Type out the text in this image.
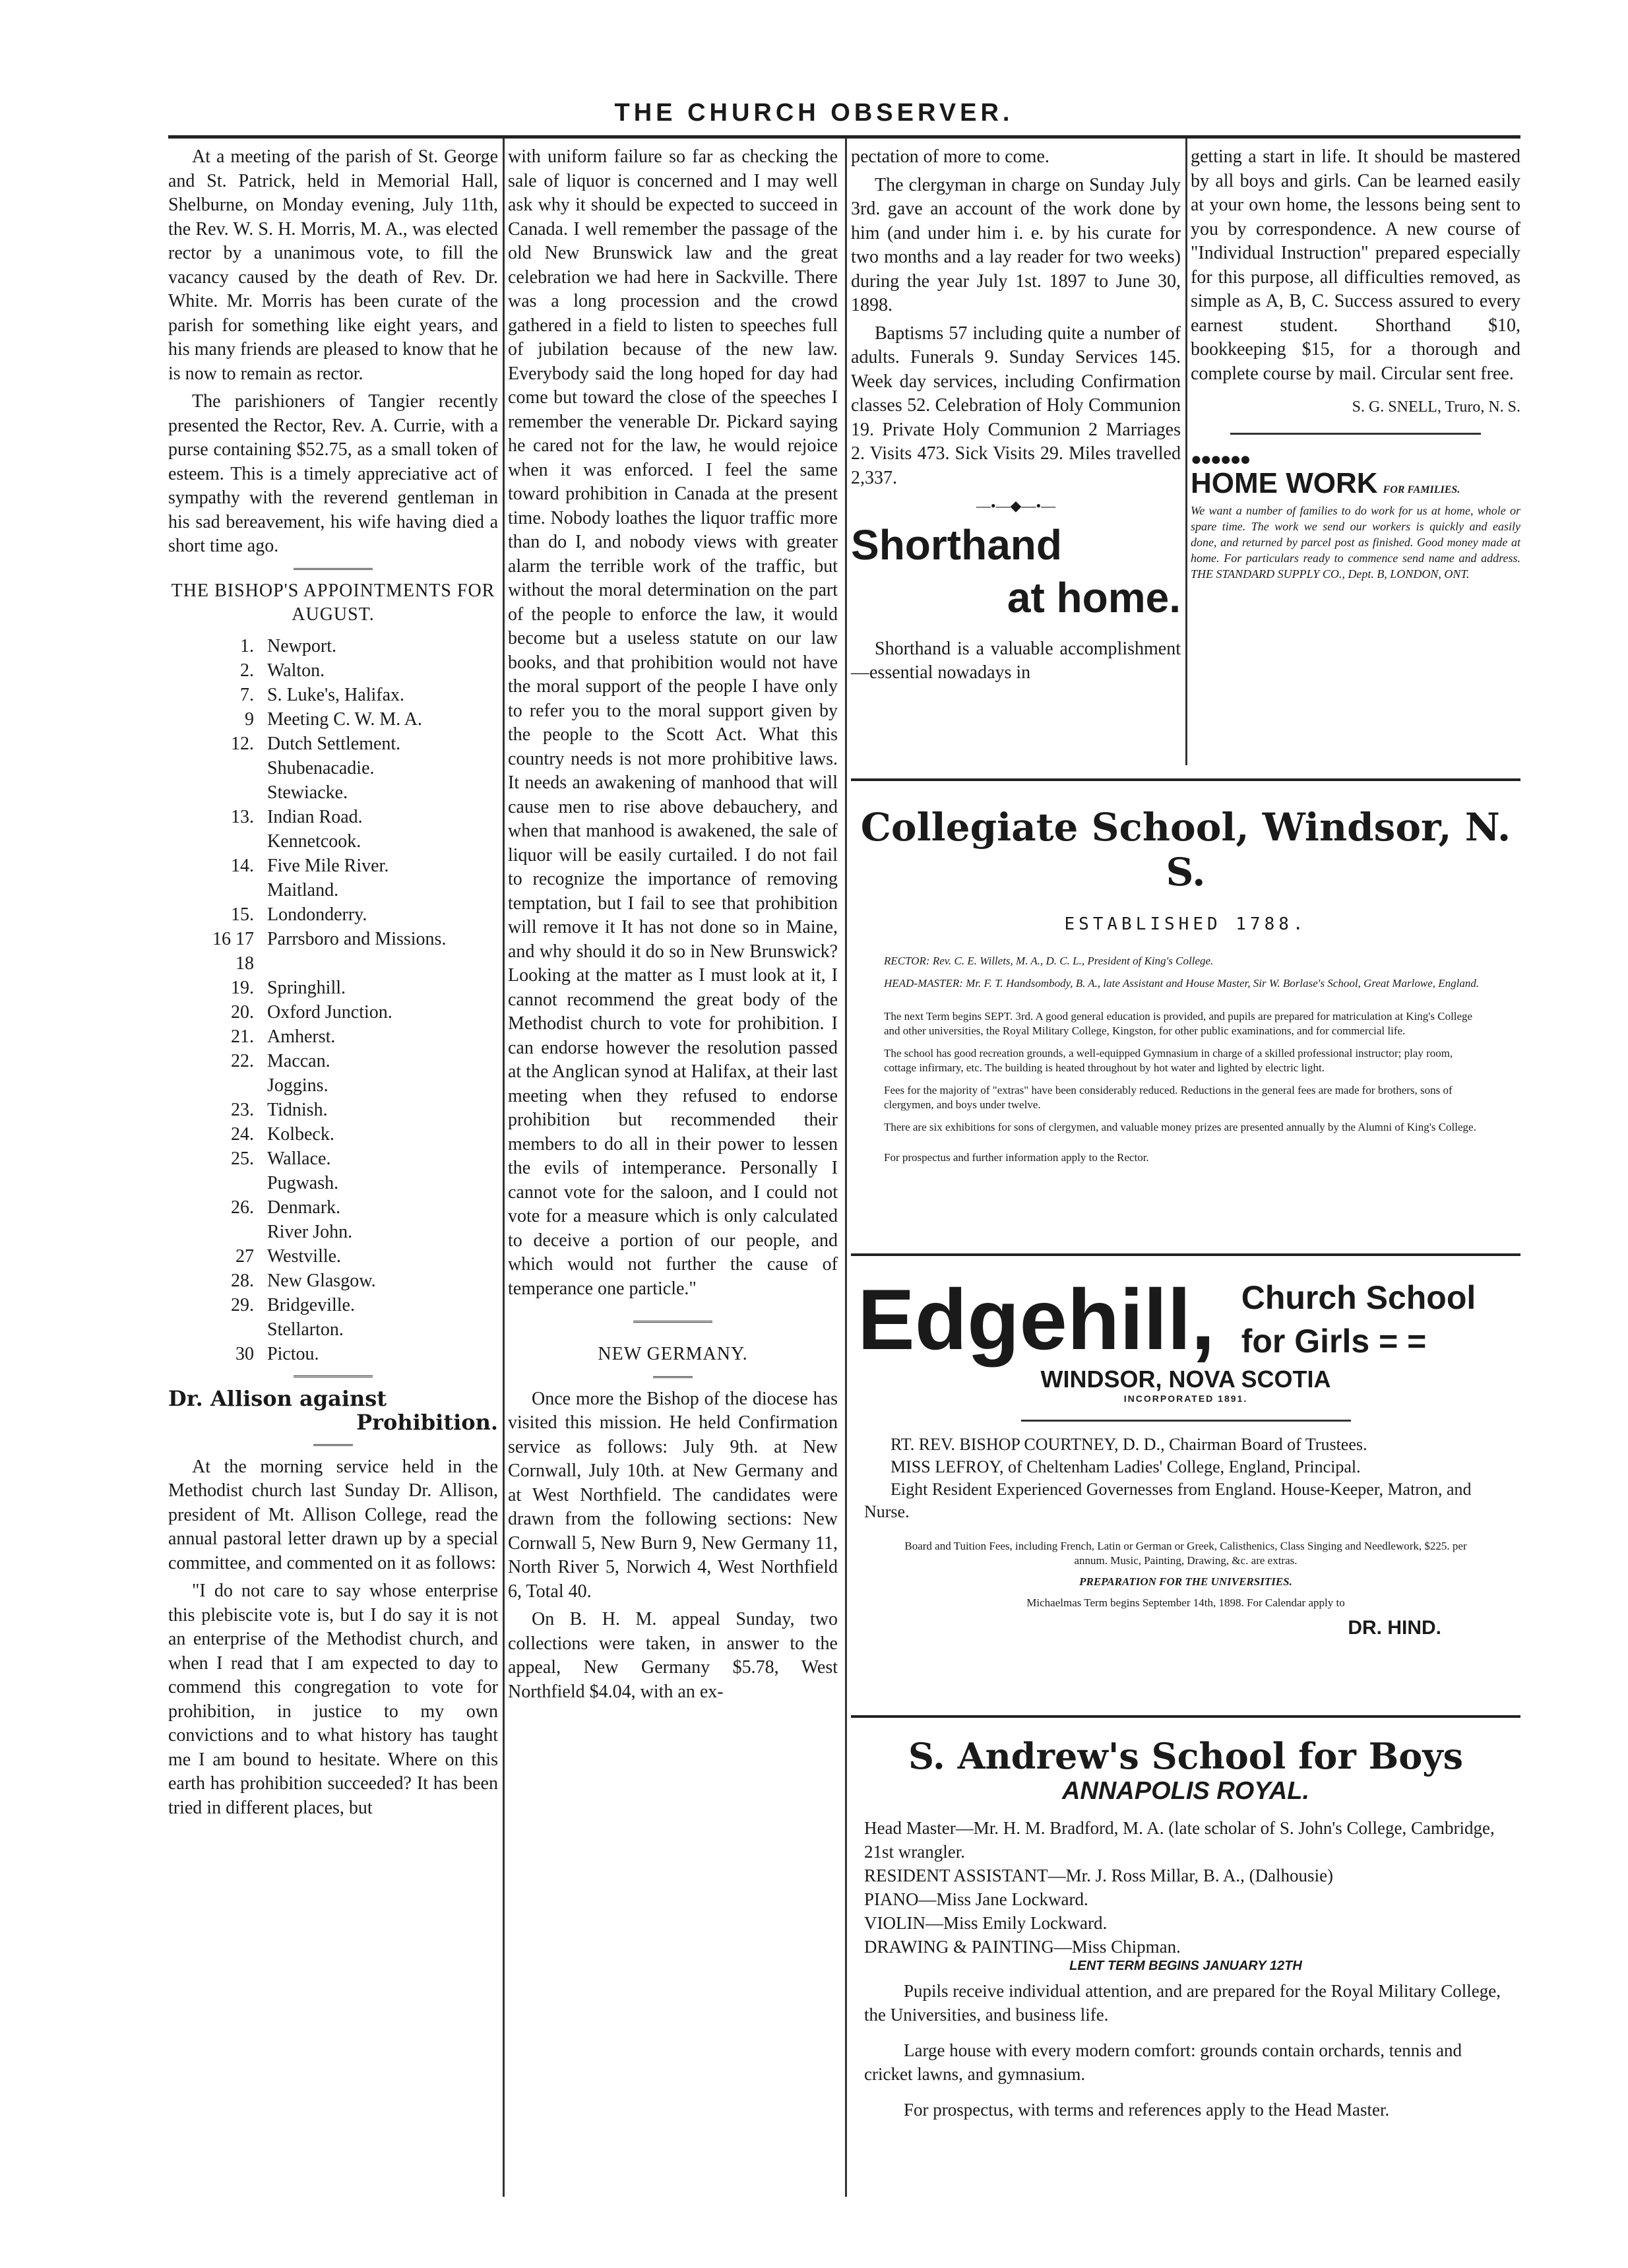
THE CHURCH OBSERVER.

At a meeting of the parish of St. George and St. Patrick, held in Memorial Hall, Shelburne, on Monday evening, July 11th, the Rev. W. S. H. Morris, M. A., was elected rector by a unanimous vote, to fill the vacancy caused by the death of Rev. Dr. White. Mr. Morris has been curate of the parish for something like eight years, and his many friends are pleased to know that he is now to remain as rector.

The parishioners of Tangier recently presented the Rector, Rev. A. Currie, with a purse containing $52.75, as a small token of esteem. This is a timely appreciative act of sympathy with the reverend gentleman in his sad bereavement, his wife having died a short time ago.

THE BISHOP'S APPOINTMENTS FOR AUGUST.
1. Newport.
2. Walton.
7. S. Luke's, Halifax.
9 Meeting C. W. M. A.
12. Dutch Settlement.
Shubenacadie.
Stewiacke.
13. Indian Road.
Kennetcook.
14. Five Mile River.
Maitland.
15. Londonderry.
16 17 18
Parrsboro and Missions.
19. Springhill.
20. Oxford Junction.
21. Amherst.
22. Maccan.
Joggins.
23. Tidnish.
24. Kolbeck.
25. Wallace.
Pugwash.
26. Denmark.
River John.
27 Westville.
28. New Glasgow.
29. Bridgeville.
Stellarton.
30 Pictou.
Dr. Allison against
Prohibition.

At the morning service held in the Methodist church last Sunday Dr. Allison, president of Mt. Allison College, read the annual pastoral letter drawn up by a special committee, and commented on it as follows:

"I do not care to say whose enterprise this plebiscite vote is, but I do say it is not an enterprise of the Methodist church, and when I read that I am expected to day to commend this congregation to vote for prohibition, in justice to my own convictions and to what history has taught me I am bound to hesitate. Where on this earth has prohibition succeeded? It has been tried in different places, but

with uniform failure so far as checking the sale of liquor is concerned and I may well ask why it should be expected to succeed in Canada. I well remember the passage of the old New Brunswick law and the great celebration we had here in Sackville. There was a long procession and the crowd gathered in a field to listen to speeches full of jubilation because of the new law. Everybody said the long hoped for day had come but toward the close of the speeches I remember the venerable Dr. Pickard saying he cared not for the law, he would rejoice when it was enforced. I feel the same toward prohibition in Canada at the present time. Nobody loathes the liquor traffic more than do I, and nobody views with greater alarm the terrible work of the traffic, but without the moral determination on the part of the people to enforce the law, it would become but a useless statute on our law books, and that prohibition would not have the moral support of the people I have only to refer you to the moral support given by the people to the Scott Act. What this country needs is not more prohibitive laws. It needs an awakening of manhood that will cause men to rise above debauchery, and when that manhood is awakened, the sale of liquor will be easily curtailed. I do not fail to recognize the importance of removing temptation, but I fail to see that prohibition will remove it It has not done so in Maine, and why should it do so in New Brunswick? Looking at the matter as I must look at it, I cannot recommend the great body of the Methodist church to vote for prohibition. I can endorse however the resolution passed at the Anglican synod at Halifax, at their last meeting when they refused to endorse prohibition but recommended their members to do all in their power to lessen the evils of intemperance. Personally I cannot vote for the saloon, and I could not vote for a measure which is only calculated to deceive a portion of our people, and which would not further the cause of temperance one particle."

NEW GERMANY.

Once more the Bishop of the diocese has visited this mission. He held Confirmation service as follows: July 9th. at New Cornwall, July 10th. at New Germany and at West Northfield. The candidates were drawn from the following sections: New Cornwall 5, New Burn 9, New Germany 11, North River 5, Norwich 4, West Northfield 6, Total 40.

On B. H. M. appeal Sunday, two collections were taken, in answer to the appeal, New Germany $5.78, West Northfield $4.04, with an ex-

pectation of more to come.

The clergyman in charge on Sunday July 3rd. gave an account of the work done by him (and under him i. e. by his curate for two months and a lay reader for two weeks) during the year July 1st. 1897 to June 30, 1898.

Baptisms 57 including quite a number of adults. Funerals 9. Sunday Services 145. Week day services, including Confirmation classes 52. Celebration of Holy Communion 19. Private Holy Communion 2 Marriages 2. Visits 473. Sick Visits 29. Miles travelled 2,337.

—•—◆—•—
Shorthand
at home.

Shorthand is a valuable accomplishment—essential nowadays in

getting a start in life. It should be mastered by all boys and girls. Can be learned easily at your own home, the lessons being sent to you by correspondence. A new course of "Individual Instruction" prepared especially for this purpose, all difficulties removed, as simple as A, B, C. Success assured to every earnest student. Shorthand $10, bookkeeping $15, for a thorough and complete course by mail. Circular sent free.

S. G. SNELL, Truro, N. S.
●●●●●●
HOME WORK FOR FAMILIES.
We want a number of families to do work for us at home, whole or spare time. The work we send our workers is quickly and easily done, and returned by parcel post as finished. Good money made at home. For particulars ready to commence send name and address. THE STANDARD SUPPLY CO., Dept. B, LONDON, ONT.
Collegiate School, Windsor, N. S.
ESTABLISHED 1788.
RECTOR: Rev. C. E. Willets, M. A., D. C. L., President of King's College.
HEAD-MASTER: Mr. F. T. Handsombody, B. A., late Assistant and House Master, Sir W. Borlase's School, Great Marlowe, England.
The next Term begins SEPT. 3rd. A good general education is provided, and pupils are prepared for matriculation at King's College and other universities, the Royal Military College, Kingston, for other public examinations, and for commercial life.
The school has good recreation grounds, a well-equipped Gymnasium in charge of a skilled professional instructor; play room, cottage infirmary, etc. The building is heated throughout by hot water and lighted by electric light.
Fees for the majority of "extras" have been considerably reduced. Reductions in the general fees are made for brothers, sons of clergymen, and boys under twelve.
There are six exhibitions for sons of clergymen, and valuable money prizes are presented annually by the Alumni of King's College.
For prospectus and further information apply to the Rector.
Edgehill, Church School
for Girls = =
WINDSOR, NOVA SCOTIA
INCORPORATED 1891.
RT. REV. BISHOP COURTNEY, D. D., Chairman Board of Trustees.
MISS LEFROY, of Cheltenham Ladies' College, England, Principal.
Eight Resident Experienced Governesses from England. House-Keeper, Matron, and Nurse.
Board and Tuition Fees, including French, Latin or German or Greek, Calisthenics, Class Singing and Needlework, $225. per annum. Music, Painting, Drawing, &c. are extras.
PREPARATION FOR THE UNIVERSITIES.
Michaelmas Term begins September 14th, 1898. For Calendar apply to
DR. HIND.
S. Andrew's School for Boys
ANNAPOLIS ROYAL.
Head Master—Mr. H. M. Bradford, M. A. (late scholar of S. John's College, Cambridge, 21st wrangler.
RESIDENT ASSISTANT—Mr. J. Ross Millar, B. A., (Dalhousie)
PIANO—Miss Jane Lockward.
VIOLIN—Miss Emily Lockward.
DRAWING & PAINTING—Miss Chipman.
LENT TERM BEGINS JANUARY 12TH
Pupils receive individual attention, and are prepared for the Royal Military College, the Universities, and business life.
Large house with every modern comfort: grounds contain orchards, tennis and cricket lawns, and gymnasium.
For prospectus, with terms and references apply to the Head Master.
